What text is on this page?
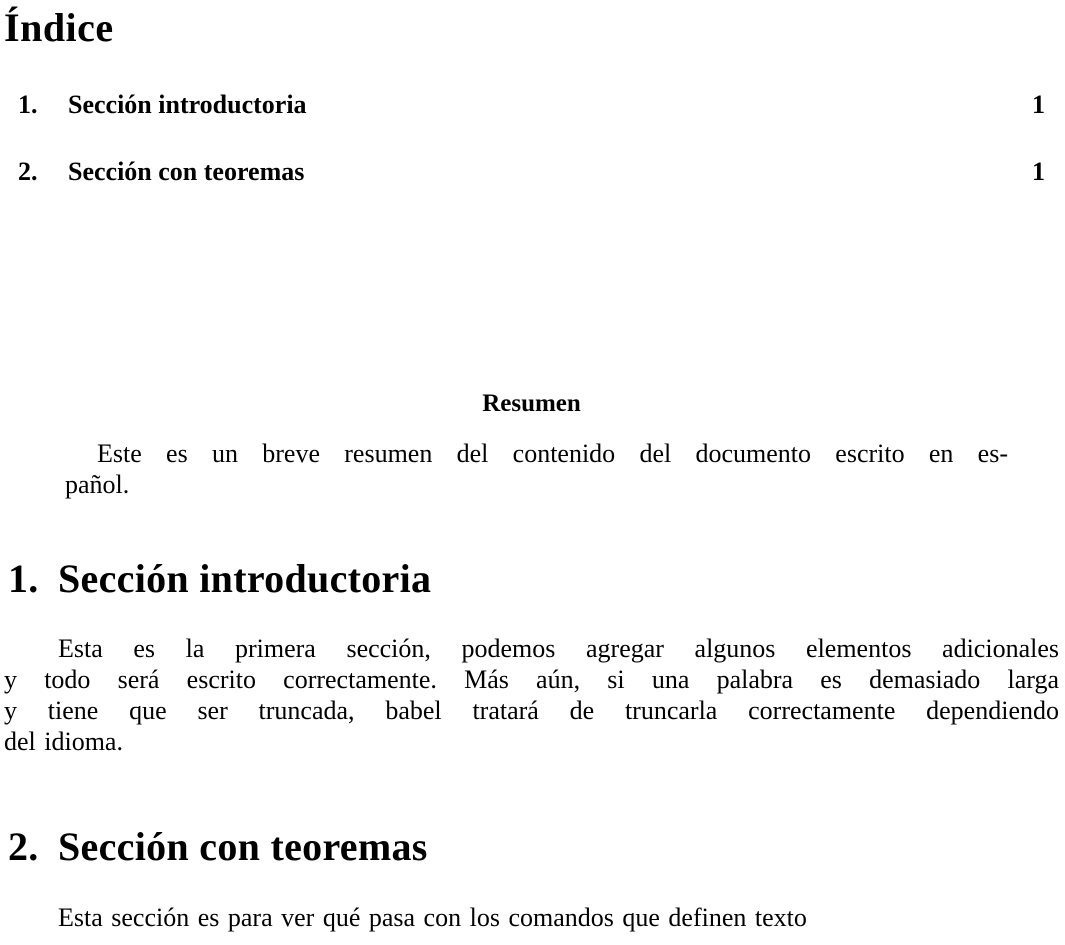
Índice
1.	Sección introductoria	1
2.	Sección con teoremas	1
Resumen
Este es un breve resumen del contenido del documento escrito en es-
pañol.
1. Sección introductoria
Esta es la primera sección, podemos agregar algunos elementos adicionales
y todo será escrito correctamente. Más aún, si una palabra es demasiado larga
y tiene que ser truncada, babel tratará de truncarla correctamente dependiendo
del idioma.
2. Sección con teoremas
Esta sección es para ver qué pasa con los comandos que definen texto
